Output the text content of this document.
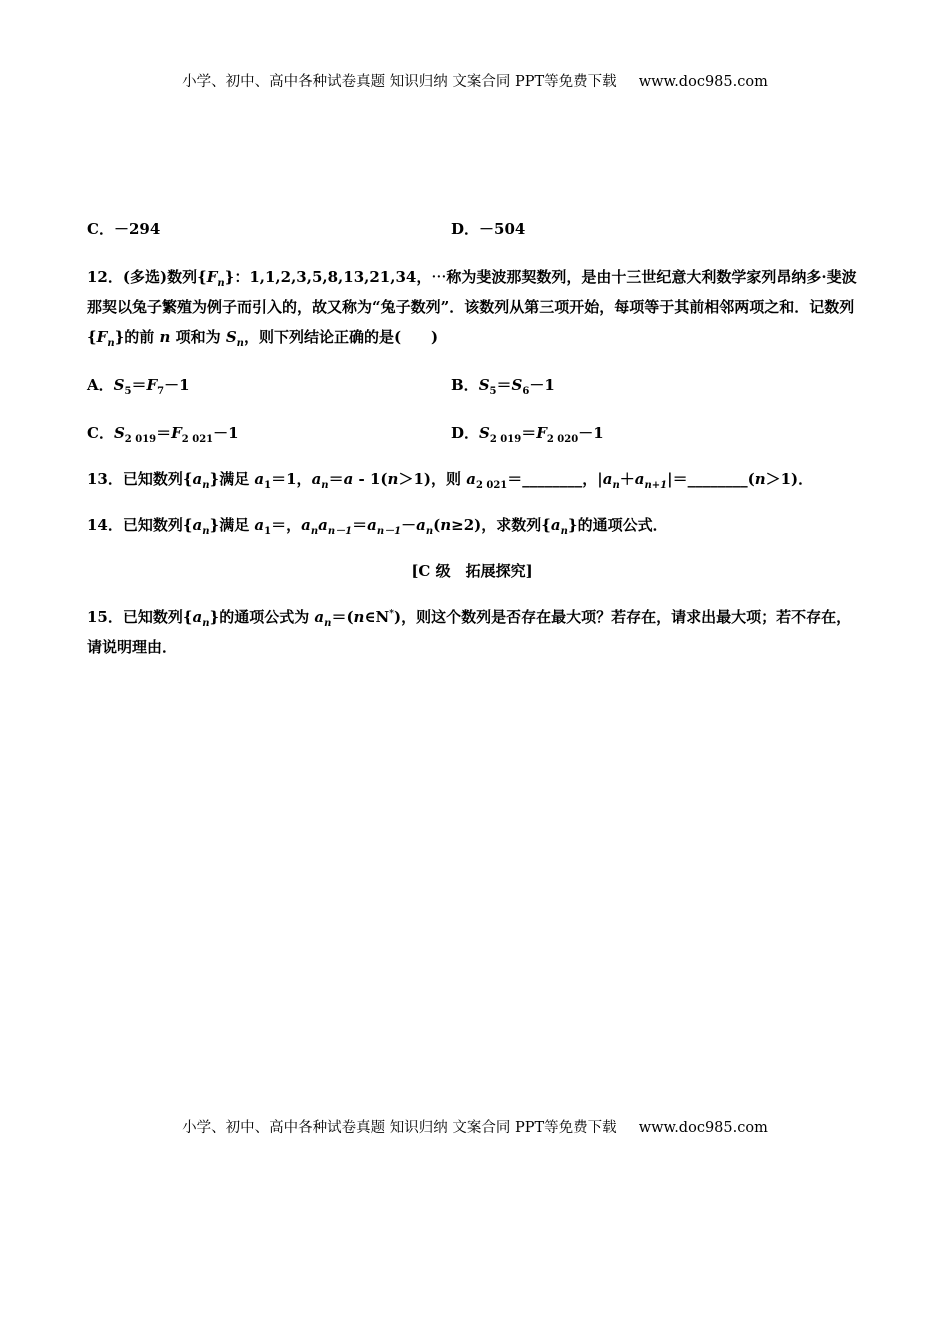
小学、初中、高中各种试卷真题 知识归纳 文案合同 PPT等免费下载 www.doc985.com
C．－294	D．－504

12．(多选)数列$\{F_n\}$：1,1,2,3,5,8,13,21,34，⋯称为斐波那契数列，是由十三世纪意大利数学家列昂纳多·斐波那契以兔子繁殖为例子而引入的，故又称为“兔子数列”．该数列从第三项开始，每项等于其前相邻两项之和．记数列$\{F_n\}$的前 n 项和为 $S_n$，则下列结论正确的是(　　)

A．$S_5=F_7-1$	B．$S_5=S_6-1$
C．$S_{2 019}=F_{2 021}-1$	D．$S_{2 019}=F_{2 020}-1$

13．已知数列$\{a_n\}$满足 $a_1=1$，$a_n=a - 1(n>1)$，则 $a_{2 021}=\_\_\_\_\_\_\_\_$，$|a_n+a_{n+1}|=\_\_\_\_\_\_\_\_(n>1)$．

14．已知数列$\{a_n\}$满足 $a_1=$，$a_na_{n-1}=a_{n-1}-a_n(n\ge 2)$，求数列$\{a_n\}$的通项公式．

[C 级　拓展探究]

15．已知数列$\{a_n\}$的通项公式为 $a_n=(n\in N^*)$，则这个数列是否存在最大项？若存在，请求出最大项；若不存在，请说明理由．

小学、初中、高中各种试卷真题 知识归纳 文案合同 PPT等免费下载 www.doc985.com
